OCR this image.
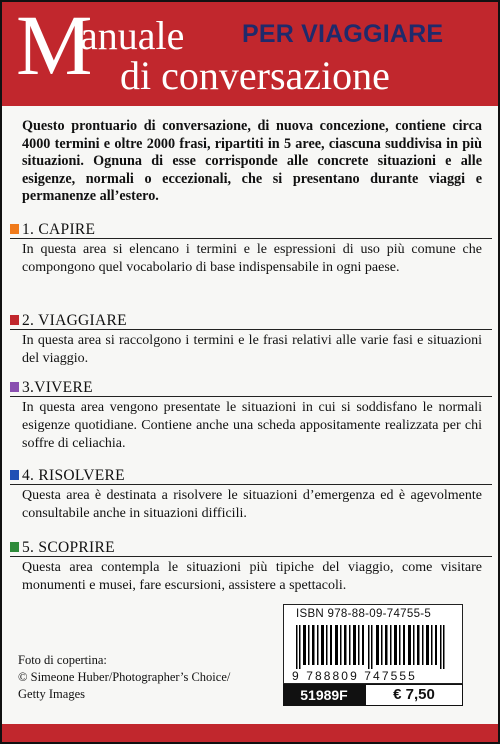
M
anuale PER VIAGGIARE
di conversazione

Questo prontuario di conversazione, di nuova concezione, contiene circa 4000 termini e oltre 2000 frasi, ripartiti in 5 aree, ciascuna suddivisa in più situazioni. Ognuna di esse corrisponde alle concrete situazioni e alle esigenze, normali o eccezionali, che si presentano durante viaggi e permanenze all’estero.

1. CAPIRE

In questa area si elencano i termini e le espressioni di uso più comune che compongono quel vocabolario di base indispensabile in ogni paese.

2. VIAGGIARE

In questa area si raccolgono i termini e le frasi relativi alle varie fasi e situazioni del viaggio.

3.VIVERE

In questa area vengono presentate le situazioni in cui si soddisfano le normali esigenze quotidiane. Contiene anche una scheda appositamente realizzata per chi soffre di celiachia.

4. RISOLVERE

Questa area è destinata a risolvere le situazioni d’emergenza ed è agevolmente consultabile anche in situazioni difficili.

5. SCOPRIRE

Questa area contempla le situazioni più tipiche del viaggio, come visitare monumenti e musei, fare escursioni, assistere a spettacoli.

Foto di copertina:
© Simeone Huber/Photographer’s Choice/
Getty Images
ISBN 978-88-09-74755-5
9 788809 747555
51989F	€ 7,50
